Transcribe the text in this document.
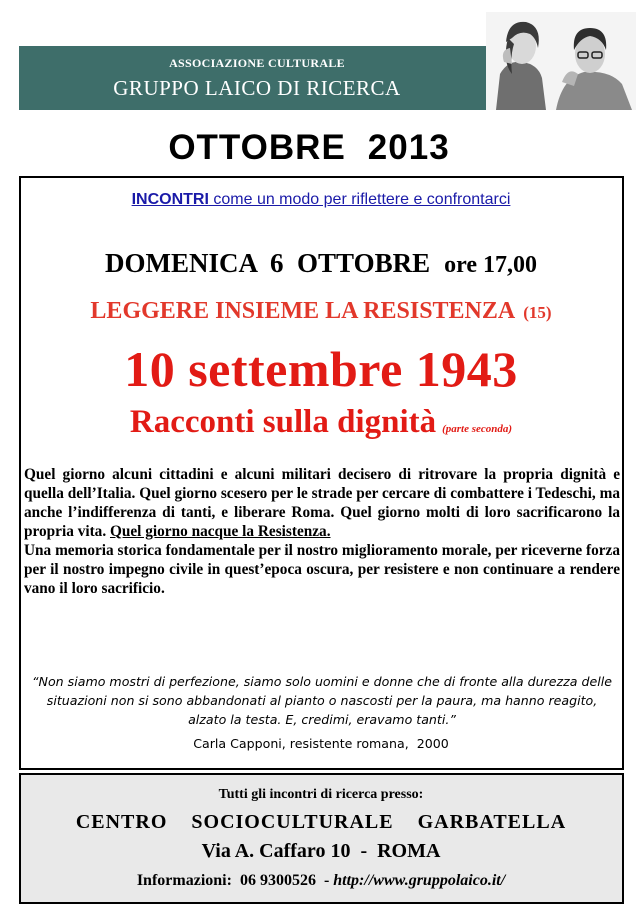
ASSOCIAZIONE CULTURALE
GRUPPO LAICO DI RICERCA
OTTOBRE 2013
INCONTRI come un modo per riflettere e confrontarci
DOMENICA  6  OTTOBRE ore 17,00
LEGGERE INSIEME LA RESISTENZA (15)
10 settembre 1943
Racconti sulla dignità (parte seconda)

Quel giorno alcuni cittadini e alcuni militari decisero di ritrovare la propria dignità e quella dell’Italia. Quel giorno scesero per le strade per cercare di combattere i Tedeschi, ma anche l’indifferenza di tanti, e liberare Roma. Quel giorno molti di loro sacrificarono la propria vita. Quel giorno nacque la Resistenza.

Una memoria storica fondamentale per il nostro miglioramento morale, per riceverne forza per il nostro impegno civile in quest’epoca oscura, per resistere e non continuare a rendere vano il loro sacrificio.

“Non siamo mostri di perfezione, siamo solo uomini e donne che di fronte alla durezza delle situazioni non si sono abbandonati al pianto o nascosti per la paura, ma hanno reagito, alzato la testa. E, credimi, eravamo tanti.”
Carla Capponi, resistente romana,  2000
Tutti gli incontri di ricerca presso:
CENTRO  SOCIOCULTURALE  GARBATELLA
Via A. Caffaro 10  -  ROMA
Informazioni: 06 9300526  - http://www.gruppolaico.it/
